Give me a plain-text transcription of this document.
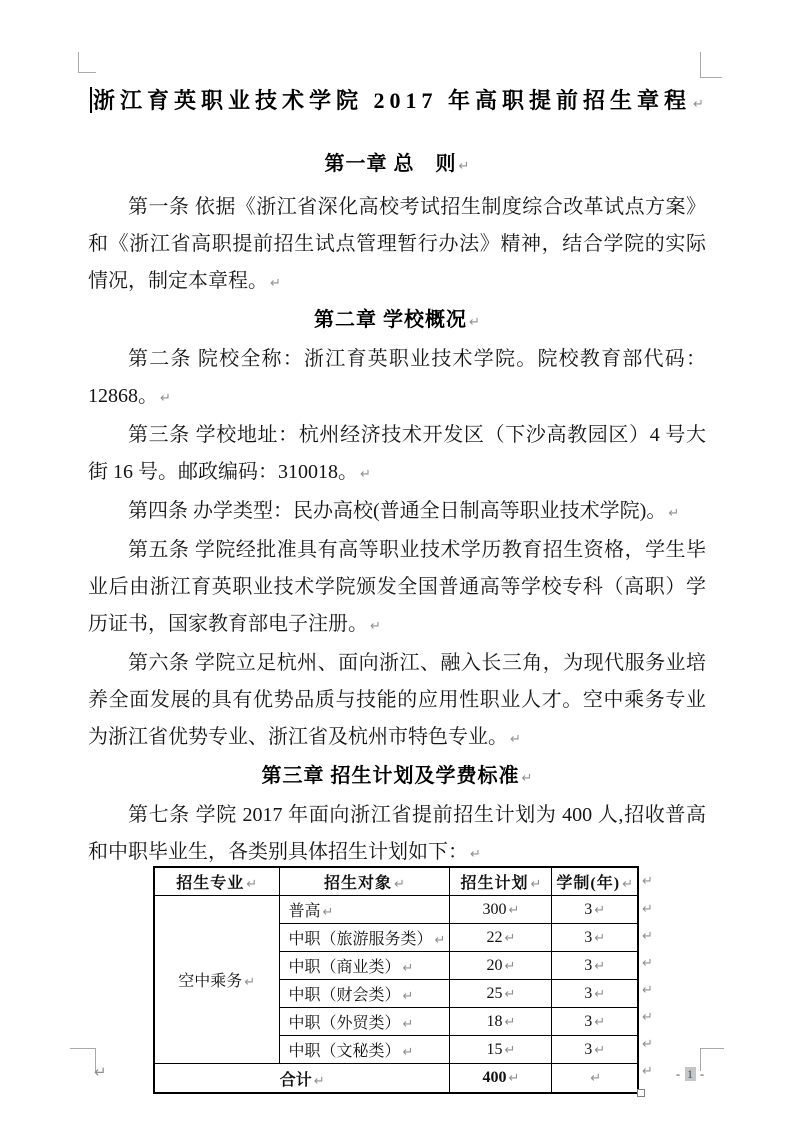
浙江育英职业技术学院 2017 年高职提前招生章程 ↵
第一章 总　则 ↵

第一条 依据《浙江省深化高校考试招生制度综合改革试点方案》和《浙江省高职提前招生试点管理暂行办法》精神，结合学院的实际情况，制定本章程。 ↵

第二章 学校概况 ↵

第二条 院校全称：浙江育英职业技术学院。院校教育部代码：12868。 ↵

第三条 学校地址：杭州经济技术开发区（下沙高教园区）4 号大街 16 号。邮政编码：310018。 ↵

第四条 办学类型：民办高校(普通全日制高等职业技术学院)。 ↵

第五条 学院经批准具有高等职业技术学历教育招生资格，学生毕业后由浙江育英职业技术学院颁发全国普通高等学校专科（高职）学历证书，国家教育部电子注册。 ↵

第六条 学院立足杭州、面向浙江、融入长三角，为现代服务业培养全面发展的具有优势品质与技能的应用性职业人才。空中乘务专业为浙江省优势专业、浙江省及杭州市特色专业。 ↵

第三章 招生计划及学费标准 ↵

第七条 学院 2017 年面向浙江省提前招生计划为 400 人,招收普高和中职毕业生，各类别具体招生计划如下： ↵

招生专业 ↵	招生对象 ↵	招生计划 ↵	学制(年) ↵
空中乘务 ↵	普高 ↵	300 ↵	3 ↵
	中职（旅游服务类） ↵	22 ↵	3 ↵
	中职（商业类） ↵	20 ↵	3 ↵
	中职（财会类） ↵	25 ↵	3 ↵
	中职（外贸类） ↵	18 ↵	3 ↵
	中职（文秘类） ↵	15 ↵	3 ↵
合计 ↵		400 ↵	↵
↵
↵
↵
↵
↵
↵
↵
↵ - 1 -
↵
